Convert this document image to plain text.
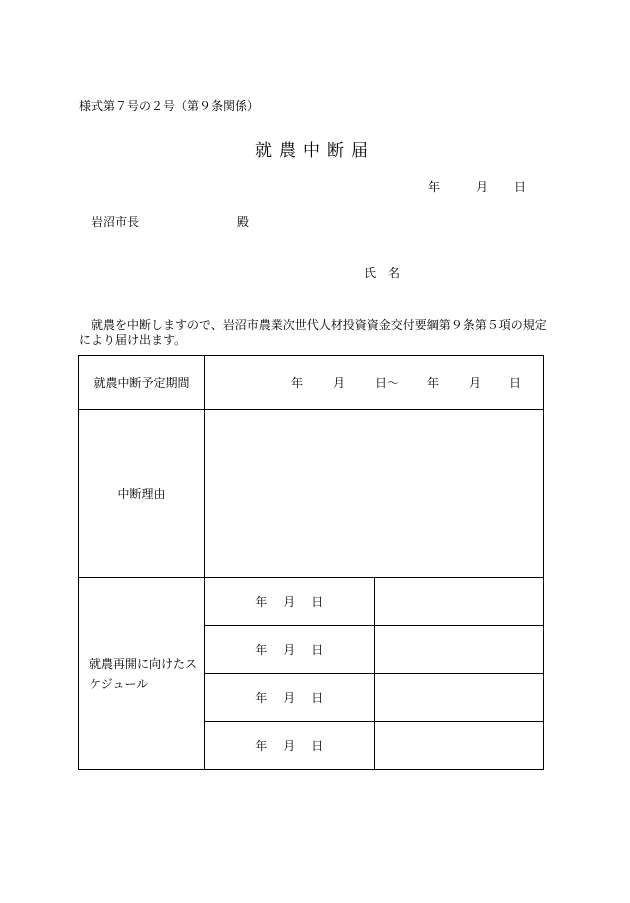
様式第７号の２号（第９条関係）
就農中断届
年	月 日
岩沼市長	殿
氏　名
就農を中断しますので、岩沼市農業次世代人材投資資金交付要綱第９条第５項の規定により届け出ます。
就農中断予定期間	年 月 日〜 年 月 日	
中断理由		
就農再開に向けたスケジュール	年 月 日	
	年 月 日	
	年 月 日	
	年 月 日	
